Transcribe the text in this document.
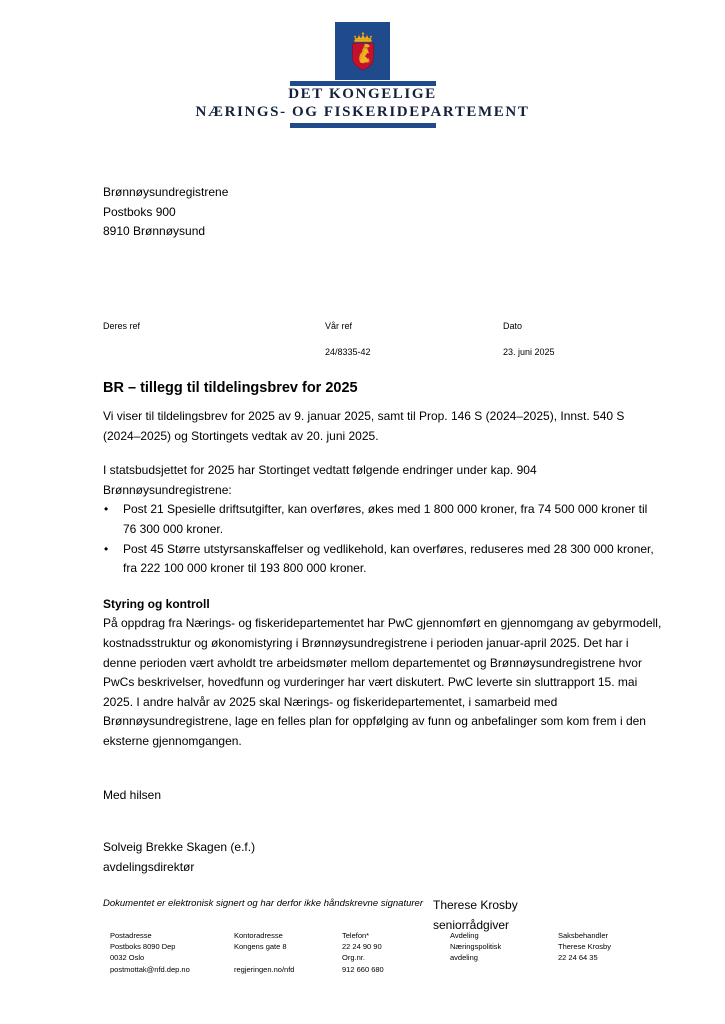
DET KONGELIGE
NÆRINGS- OG FISKERIDEPARTEMENT
Brønnøysundregistrene
Postboks 900
8910 Brønnøysund
Deres ref	Vår ref
24/8335-42
Dato
23. juni 2025
BR – tillegg til tildelingsbrev for 2025

Vi viser til tildelingsbrev for 2025 av 9. januar 2025, samt til Prop. 146 S (2024–2025), Innst. 540 S (2024–2025) og Stortingets vedtak av 20. juni 2025.

I statsbudsjettet for 2025 har Stortinget vedtatt følgende endringer under kap. 904 Brønnøysundregistrene:

• Post 21 Spesielle driftsutgifter, kan overføres, økes med 1 800 000 kroner, fra 74 500 000 kroner til 76 300 000 kroner.
• Post 45 Større utstyrsanskaffelser og vedlikehold, kan overføres, reduseres med 28 300 000 kroner, fra 222 100 000 kroner til 193 800 000 kroner.
Styring og kontroll

På oppdrag fra Nærings- og fiskeridepartementet har PwC gjennomført en gjennomgang av gebyrmodell, kostnadsstruktur og økonomistyring i Brønnøysundregistrene i perioden januar-april 2025. Det har i denne perioden vært avholdt tre arbeidsmøter mellom departementet og Brønnøysundregistrene hvor PwCs beskrivelser, hovedfunn og vurderinger har vært diskutert. PwC leverte sin sluttrapport 15. mai 2025. I andre halvår av 2025 skal Nærings- og fiskeridepartementet, i samarbeid med Brønnøysundregistrene, lage en felles plan for oppfølging av funn og anbefalinger som kom frem i den eksterne gjennomgangen.

Med hilsen

Solveig Brekke Skagen (e.f.)

avdelingsdirektør

Therese Krosby

seniorrådgiver

Dokumentet er elektronisk signert og har derfor ikke håndskrevne signaturer
Postadresse
Postboks 8090 Dep
0032 Oslo
postmottak@nfd.dep.no
Kontoradresse
Kongens gate 8
regjeringen.no/nfd
Telefon*
22 24 90 90
Org.nr.
912 660 680
Avdeling
Næringspolitisk
avdeling
Saksbehandler
Therese Krosby
22 24 64 35
